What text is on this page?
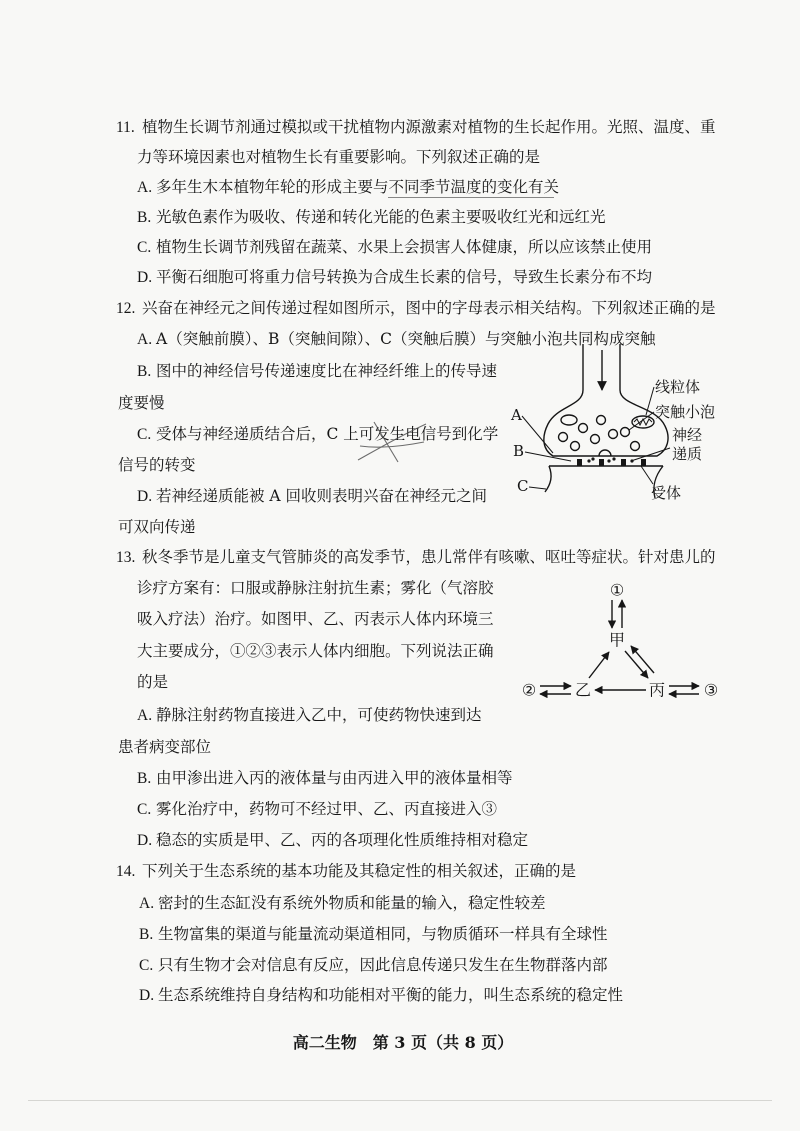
11. 植物生长调节剂通过模拟或干扰植物内源激素对植物的生长起作用。光照、温度、重
力等环境因素也对植物生长有重要影响。下列叙述正确的是
A. 多年生木本植物年轮的形成主要与不同季节温度的变化有关
B. 光敏色素作为吸收、传递和转化光能的色素主要吸收红光和远红光
C. 植物生长调节剂残留在蔬菜、水果上会损害人体健康，所以应该禁止使用
D. 平衡石细胞可将重力信号转换为合成生长素的信号，导致生长素分布不均
12. 兴奋在神经元之间传递过程如图所示，图中的字母表示相关结构。下列叙述正确的是
A. A（突触前膜）、B（突触间隙）、C（突触后膜）与突触小泡共同构成突触
B. 图中的神经信号传递速度比在神经纤维上的传导速
度要慢
C. 受体与神经递质结合后，C 上可发生电信号到化学
信号的转变
D. 若神经递质能被 A 回收则表明兴奋在神经元之间
可双向传递
线粒体
突触小泡
神经
递质
受体
A
B
C
13. 秋冬季节是儿童支气管肺炎的高发季节，患儿常伴有咳嗽、呕吐等症状。针对患儿的
诊疗方案有：口服或静脉注射抗生素；雾化（气溶胶
吸入疗法）治疗。如图甲、乙、丙表示人体内环境三
大主要成分，①②③表示人体内细胞。下列说法正确
的是
A. 静脉注射药物直接进入乙中，可使药物快速到达
患者病变部位
B. 由甲渗出进入丙的液体量与由丙进入甲的液体量相等
C. 雾化治疗中，药物可不经过甲、乙、丙直接进入③
D. 稳态的实质是甲、乙、丙的各项理化性质维持相对稳定
①
甲
乙	丙
②	③
14. 下列关于生态系统的基本功能及其稳定性的相关叙述，正确的是
A. 密封的生态缸没有系统外物质和能量的输入，稳定性较差
B. 生物富集的渠道与能量流动渠道相同，与物质循环一样具有全球性
C. 只有生物才会对信息有反应，因此信息传递只发生在生物群落内部
D. 生态系统维持自身结构和功能相对平衡的能力，叫生态系统的稳定性
高二生物　第 3 页（共 8 页）
